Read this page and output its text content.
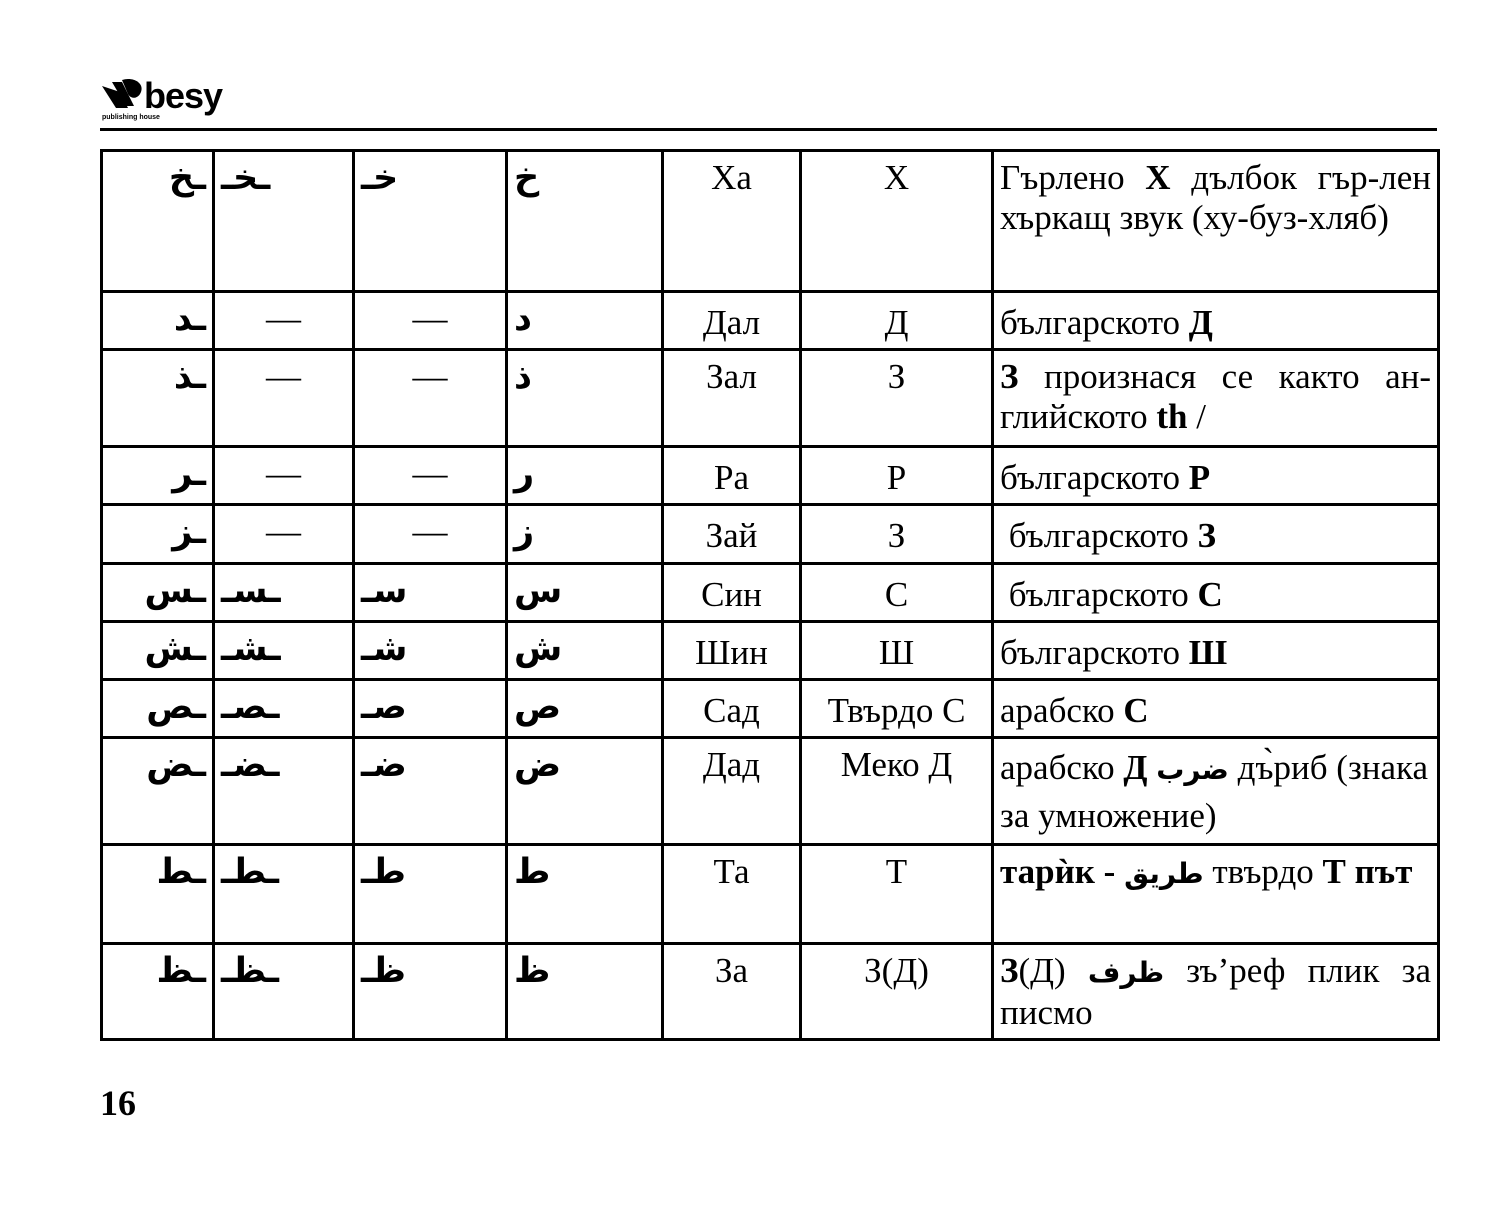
besy
publishing house
ـخ	ـخـ	خـ	خ	Ха	Х	Гърлено Х дълбок гър-лен хъркащ звук (ху-буз-хляб)
ـد	—	—	د	Дал	Д	българското Д
ـذ	—	—	ذ	Зал	З	З произнася се както ан-глийското th /
ـر	—	—	ر	Ра	Р	българското Р
ـز	—	—	ز	Зай	З	българското З
ـس	ـسـ	سـ	س	Син	С	българското С
ـش	ـشـ	شـ	ش	Шин	Ш	българското Ш
ـص	ـصـ	صـ	ص	Сад	Твърдо С	арабско С
ـض	ـضـ	ضـ	ض	Дад	Меко Д	арабско Д ضرب дъ̀риб (знака за умножение)
ـط	ـطـ	طـ	ط	Та	Т	тарѝк - طريق твърдо Т път
ـظ	ـظـ	ظـ	ظ	За	З(Д)	З(Д) ظرف зъ’реф плик за писмо
16
